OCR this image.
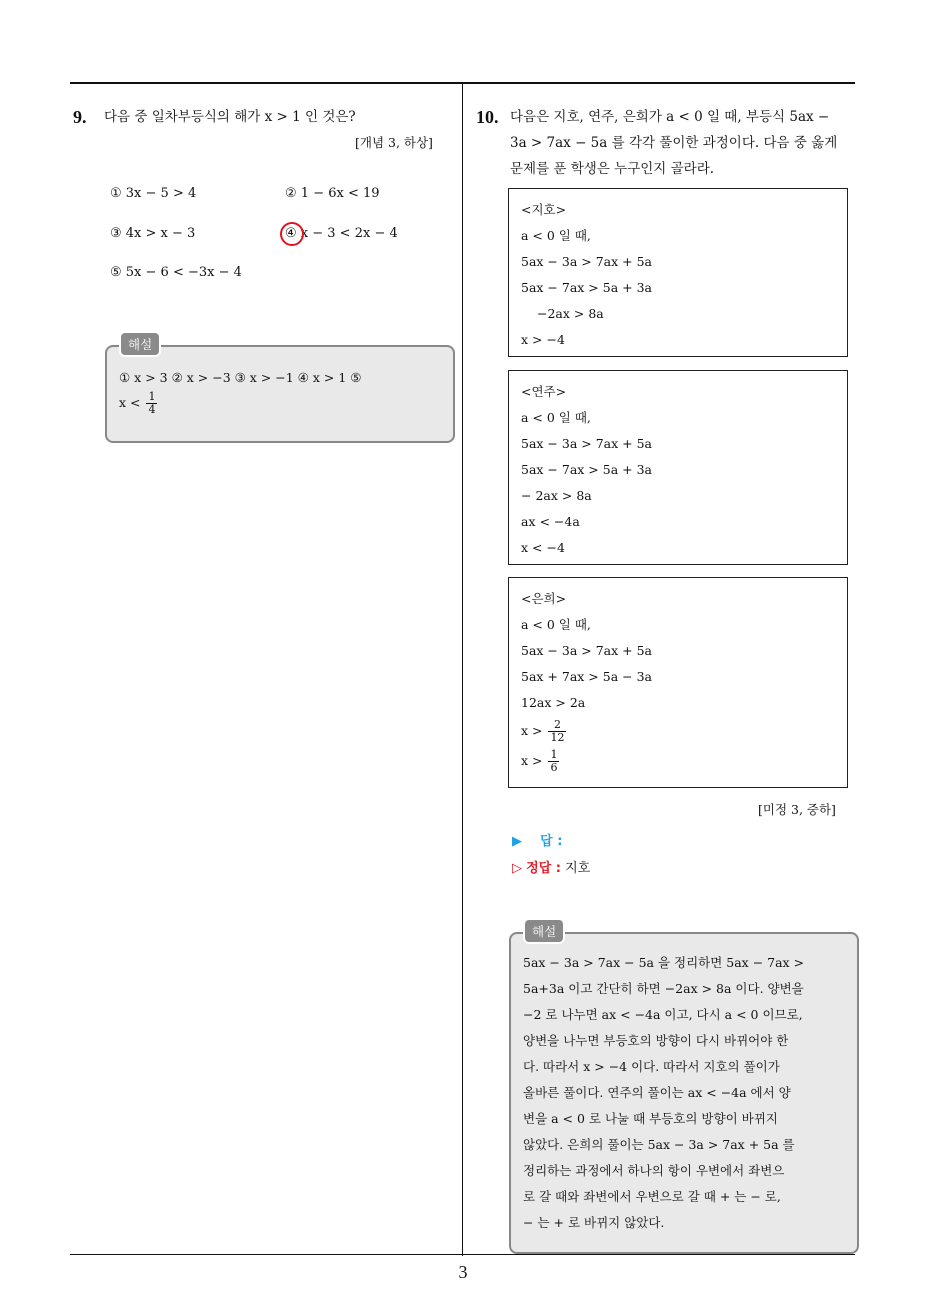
9. 다음 중 일차부등식의 해가 x > 1 인 것은?
[개념 3, 하상]
① 3x − 5 > 4	② 1 − 6x < 19
③ 4x > x − 3	④ x − 3 < 2x − 4
⑤ 5x − 6 < −3x − 4
① x > 3 ② x > −3 ③ x > −1 ④ x > 1 ⑤
$x < \frac{1}{4}$
해설
10. 다음은 지호, 연주, 은희가 a < 0 일 때, 부등식 5ax −
3a > 7ax − 5a 를 각각 풀이한 과정이다. 다음 중 옳게
문제를 푼 학생은 누구인지 골라라.
<지호>
a < 0 일 때,
5ax − 3a > 7ax + 5a
5ax − 7ax > 5a + 3a
−2ax > 8a
x > −4
<연주>
a < 0 일 때,
5ax − 3a > 7ax + 5a
5ax − 7ax > 5a + 3a
− 2ax > 8a
ax < −4a
x < −4
<은희>
a < 0 일 때,
5ax − 3a > 7ax + 5a
5ax + 7ax > 5a − 3a
12ax > 2a
$x > \frac{2}{12}$
$x > \frac{1}{6}$
[미정 3, 중하]
▶ 답 :
▷ 정답 : 지호
5ax − 3a > 7ax − 5a 을 정리하면 5ax − 7ax >
5a+3a 이고 간단히 하면 −2ax > 8a 이다. 양변을
−2 로 나누면 ax < −4a 이고, 다시 a < 0 이므로,
양변을 나누면 부등호의 방향이 다시 바뀌어야 한
다. 따라서 x > −4 이다. 따라서 지호의 풀이가
올바른 풀이다. 연주의 풀이는 ax < −4a 에서 양
변을 a < 0 로 나눌 때 부등호의 방향이 바뀌지
않았다. 은희의 풀이는 5ax − 3a > 7ax + 5a 를
정리하는 과정에서 하나의 항이 우변에서 좌변으
로 갈 때와 좌변에서 우변으로 갈 때 + 는 − 로,
− 는 + 로 바뀌지 않았다.
해설
3
